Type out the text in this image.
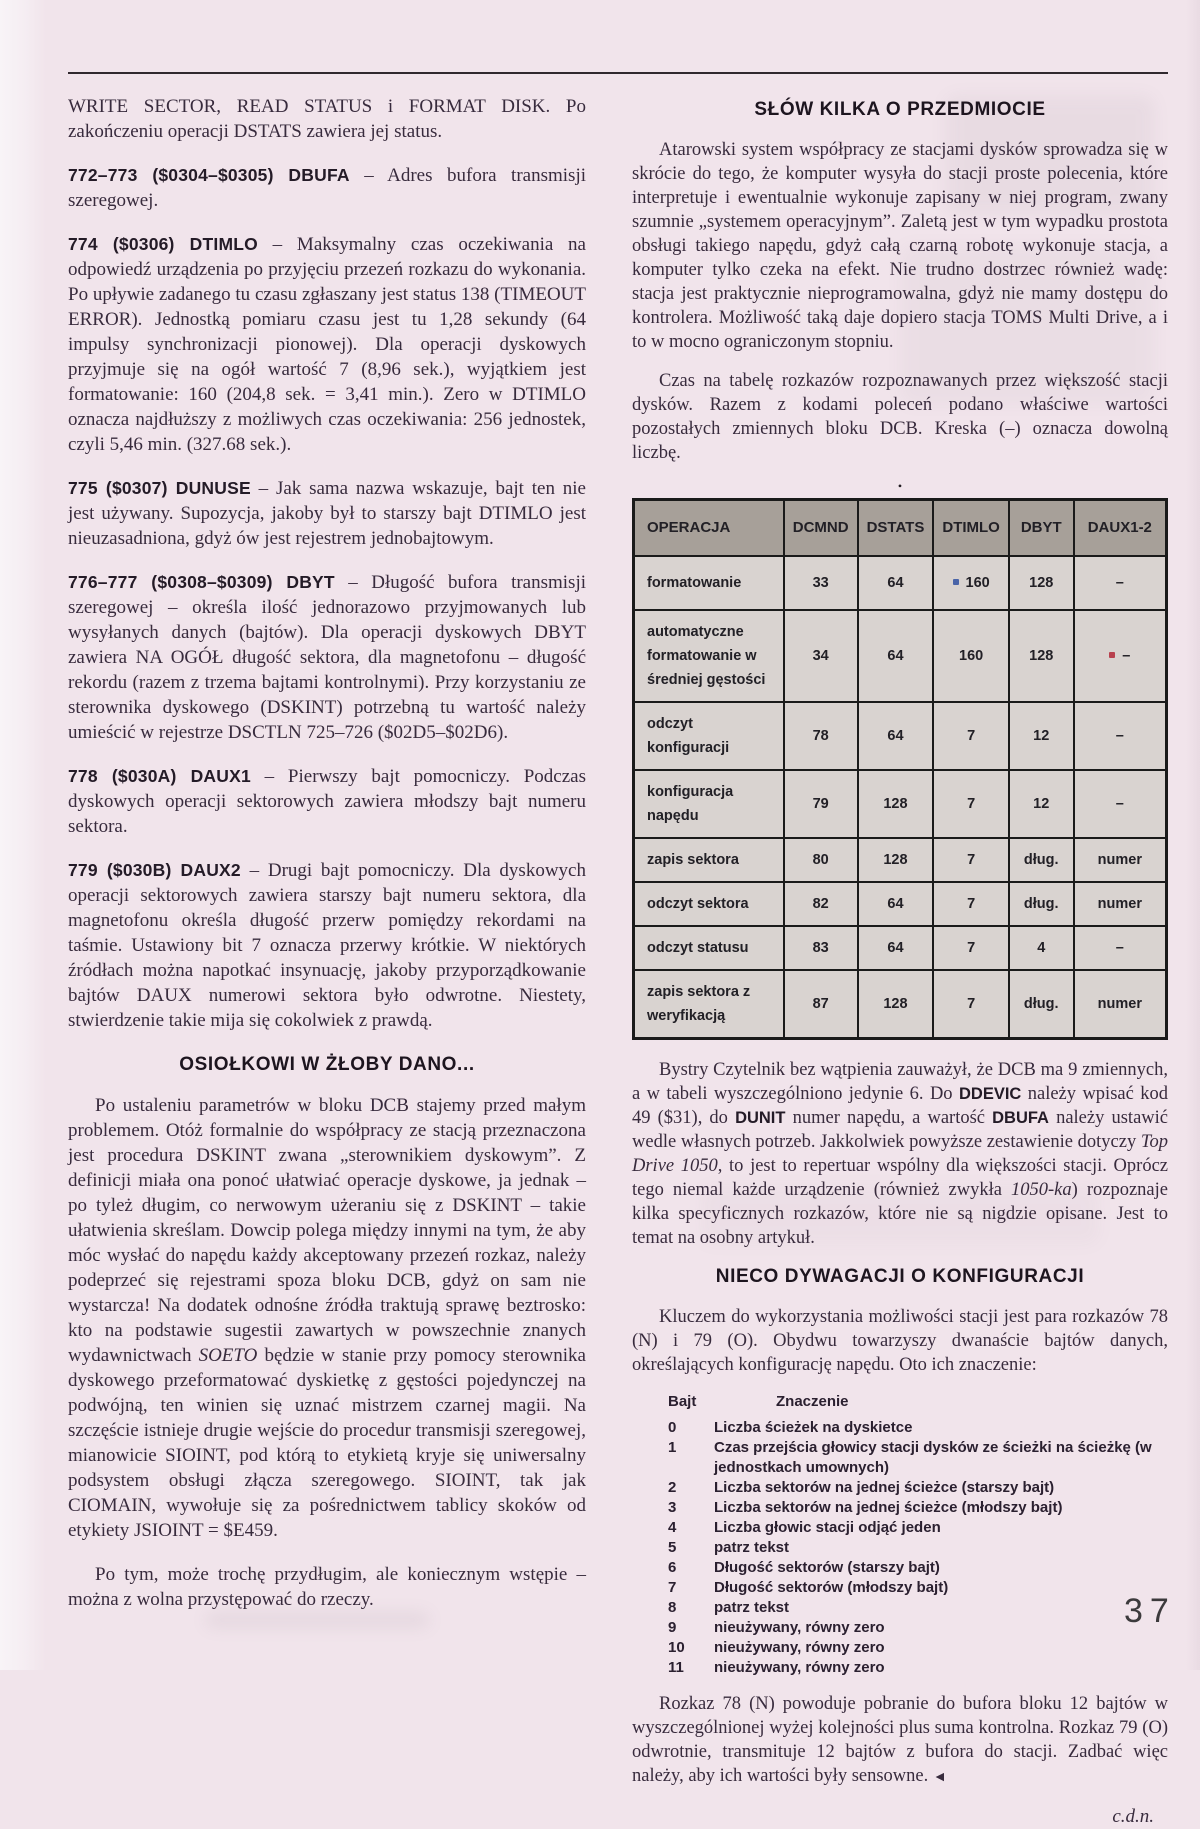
WRITE SECTOR, READ STATUS i FORMAT DISK. Po zakończeniu operacji DSTATS zawiera jej status.

772–773 ($0304–$0305) DBUFA – Adres bufora transmisji szeregowej.

774 ($0306) DTIMLO – Maksymalny czas oczekiwania na odpowiedź urządzenia po przyjęciu przezeń rozkazu do wykonania. Po upływie zadanego tu czasu zgłaszany jest status 138 (TIMEOUT ERROR). Jednostką pomiaru czasu jest tu 1,28 sekundy (64 impulsy synchronizacji pionowej). Dla operacji dyskowych przyjmuje się na ogół wartość 7 (8,96 sek.), wyjątkiem jest formatowanie: 160 (204,8 sek. = 3,41 min.). Zero w DTIMLO oznacza najdłuższy z możliwych czas oczekiwania: 256 jednostek, czyli 5,46 min. (327.68 sek.).

775 ($0307) DUNUSE – Jak sama nazwa wskazuje, bajt ten nie jest używany. Supozycja, jakoby był to starszy bajt DTIMLO jest nieuzasadniona, gdyż ów jest rejestrem jednobajtowym.

776–777 ($0308–$0309) DBYT – Długość bufora transmisji szeregowej – określa ilość jednorazowo przyjmowanych lub wysyłanych danych (bajtów). Dla operacji dyskowych DBYT zawiera NA OGÓŁ długość sektora, dla magnetofonu – długość rekordu (razem z trzema bajtami kontrolnymi). Przy korzystaniu ze sterownika dyskowego (DSKINT) potrzebną tu wartość należy umieścić w rejestrze DSCTLN 725–726 ($02D5–$02D6).

778 ($030A) DAUX1 – Pierwszy bajt pomocniczy. Podczas dyskowych operacji sektorowych zawiera młodszy bajt numeru sektora.

779 ($030B) DAUX2 – Drugi bajt pomocniczy. Dla dyskowych operacji sektorowych zawiera starszy bajt numeru sektora, dla magnetofonu określa długość przerw pomiędzy rekordami na taśmie. Ustawiony bit 7 oznacza przerwy krótkie. W niektórych źródłach można napotkać insynuację, jakoby przyporządkowanie bajtów DAUX numerowi sektora było odwrotne. Niestety, stwierdzenie takie mija się cokolwiek z prawdą.

OSIOŁKOWI W ŻŁOBY DANO...

Po ustaleniu parametrów w bloku DCB stajemy przed małym problemem. Otóż formalnie do współpracy ze stacją przeznaczona jest procedura DSKINT zwana „sterownikiem dyskowym”. Z definicji miała ona ponoć ułatwiać operacje dyskowe, ja jednak – po tyleż długim, co nerwowym użeraniu się z DSKINT – takie ułatwienia skreślam. Dowcip polega między innymi na tym, że aby móc wysłać do napędu każdy akceptowany przezeń rozkaz, należy podeprzeć się rejestrami spoza bloku DCB, gdyż on sam nie wystarcza! Na dodatek odnośne źródła traktują sprawę beztrosko: kto na podstawie sugestii zawartych w powszechnie znanych wydawnictwach SOETO będzie w stanie przy pomocy sterownika dyskowego przeformatować dyskietkę z gęstości pojedynczej na podwójną, ten winien się uznać mistrzem czarnej magii. Na szczęście istnieje drugie wejście do procedur transmisji szeregowej, mianowicie SIOINT, pod którą to etykietą kryje się uniwersalny podsystem obsługi złącza szeregowego. SIOINT, tak jak CIOMAIN, wywołuje się za pośrednictwem tablicy skoków od etykiety JSIOINT = $E459.

Po tym, może trochę przydługim, ale koniecznym wstępie – można z wolna przystępować do rzeczy.

SŁÓW KILKA O PRZEDMIOCIE

Atarowski system współpracy ze stacjami dysków sprowadza się w skrócie do tego, że komputer wysyła do stacji proste polecenia, które interpretuje i ewentualnie wykonuje zapisany w niej program, zwany szumnie „systemem operacyjnym”. Zaletą jest w tym wypadku prostota obsługi takiego napędu, gdyż całą czarną robotę wykonuje stacja, a komputer tylko czeka na efekt. Nie trudno dostrzec również wadę: stacja jest praktycznie nieprogramowalna, gdyż nie mamy dostępu do kontrolera. Możliwość taką daje dopiero stacja TOMS Multi Drive, a i to w mocno ograniczonym stopniu.

Czas na tabelę rozkazów rozpoznawanych przez większość stacji dysków. Razem z kodami poleceń podano właściwe wartości pozostałych zmiennych bloku DCB. Kreska (–) oznacza dowolną liczbę.

•
OPERACJA	DCMND	DSTATS	DTIMLO	DBYT	DAUX1-2
formatowanie	33	64	160	128	–
automatyczne formatowanie w średniej gęstości	34	64	160	128	–
odczyt konfiguracji	78	64	7	12	–
konfiguracja napędu	79	128	7	12	–
zapis sektora	80	128	7	dług.	numer
odczyt sektora	82	64	7	dług.	numer
odczyt statusu	83	64	7	4	–
zapis sektora z weryfikacją	87	128	7	dług.	numer

Bystry Czytelnik bez wątpienia zauważył, że DCB ma 9 zmiennych, a w tabeli wyszczególniono jedynie 6. Do DDEVIC należy wpisać kod 49 ($31), do DUNIT numer napędu, a wartość DBUFA należy ustawić wedle własnych potrzeb. Jakkolwiek powyższe zestawienie dotyczy Top Drive 1050, to jest to repertuar wspólny dla większości stacji. Oprócz tego niemal każde urządzenie (również zwykła 1050-ka) rozpoznaje kilka specyficznych rozkazów, które nie są nigdzie opisane. Jest to temat na osobny artykuł.

NIECO DYWAGACJI O KONFIGURACJI

Kluczem do wykorzystania możliwości stacji jest para rozkazów 78 (N) i 79 (O). Obydwu towarzyszy dwanaście bajtów danych, określających konfigurację napędu. Oto ich znaczenie:

Bajt	Znaczenie
0	Liczba ścieżek na dyskietce
1	Czas przejścia głowicy stacji dysków ze ścieżki na ścieżkę (w jednostkach umownych)
2	Liczba sektorów na jednej ścieżce (starszy bajt)
3	Liczba sektorów na jednej ścieżce (młodszy bajt)
4	Liczba głowic stacji odjąć jeden
5	patrz tekst
6	Długość sektorów (starszy bajt)
7	Długość sektorów (młodszy bajt)
8	patrz tekst
9	nieużywany, równy zero
10	nieużywany, równy zero
11	nieużywany, równy zero

Rozkaz 78 (N) powoduje pobranie do bufora bloku 12 bajtów w wyszczególnionej wyżej kolejności plus suma kontrolna. Rozkaz 79 (O) odwrotnie, transmituje 12 bajtów z bufora do stacji. Zadbać więc należy, aby ich wartości były sensowne. ◄

c.d.n.
37
